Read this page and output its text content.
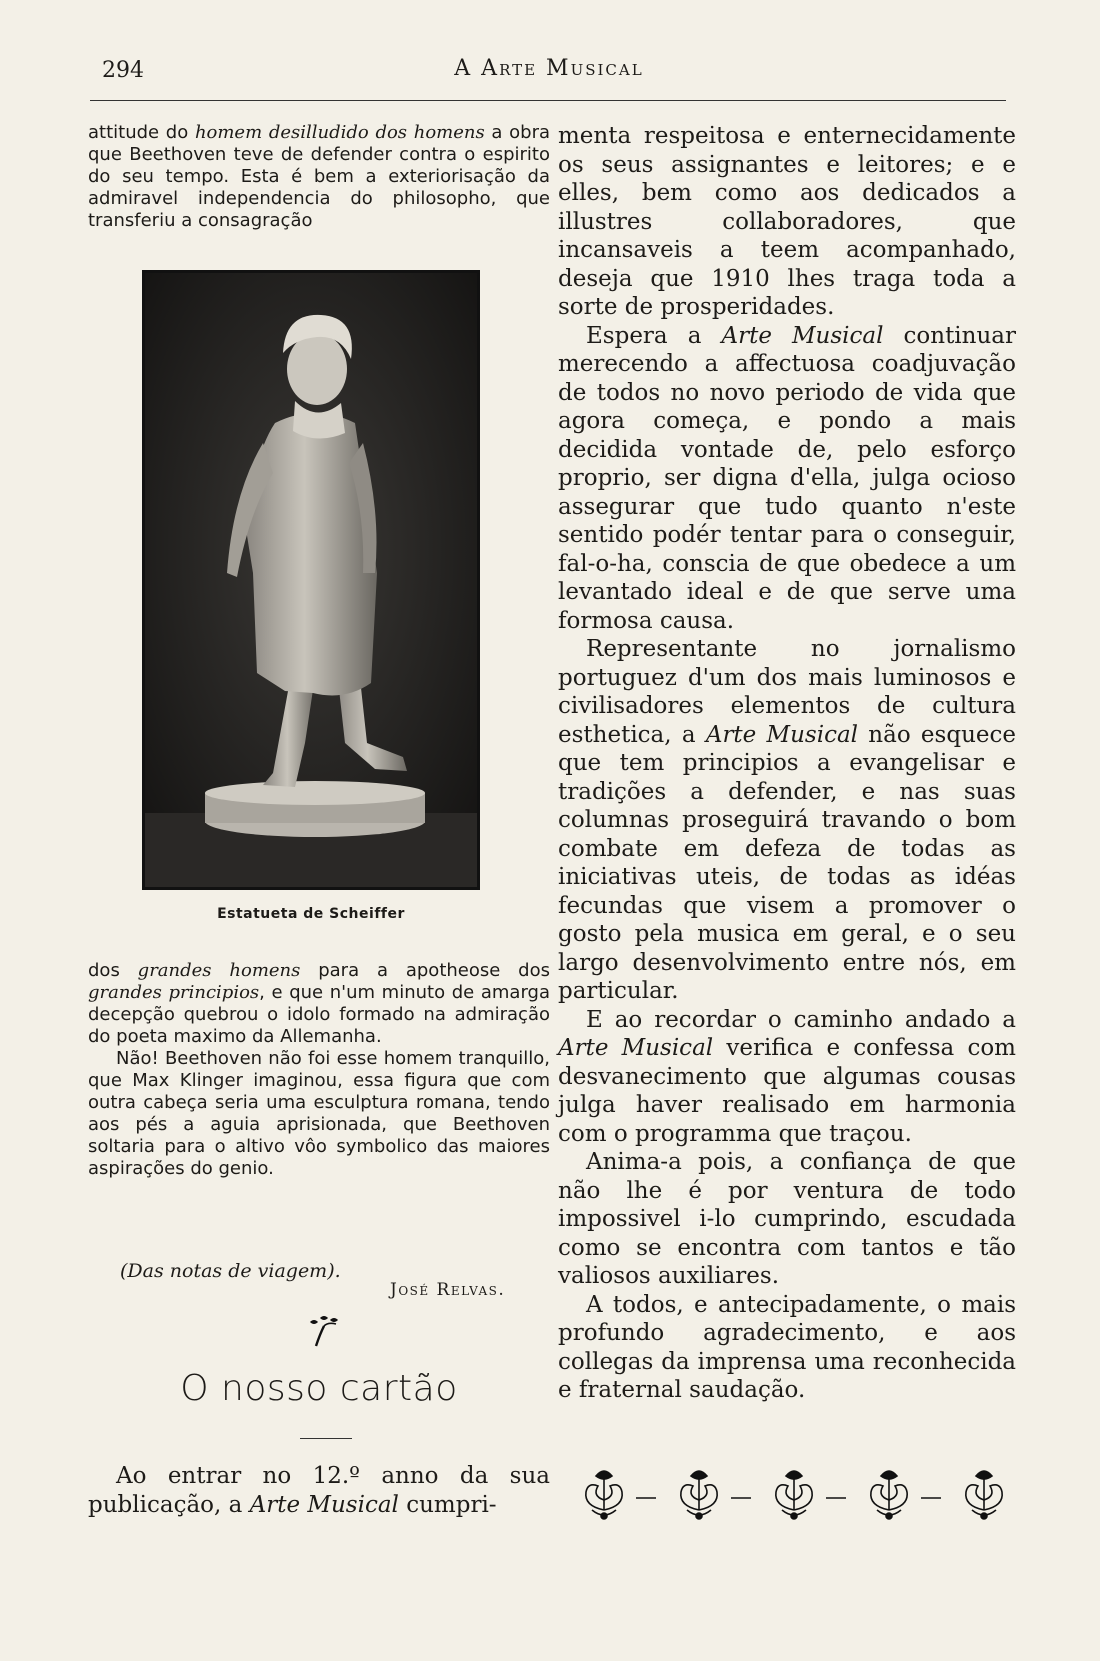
294	A Arte Musical

attitude do homem desilludido dos homens a obra que Beethoven teve de defender contra o espirito do seu tempo. Esta é bem a exteriorisação da admiravel independencia do philosopho, que transferiu a consagração

Estatueta de Scheiffer

dos grandes homens para a apotheose dos grandes principios, e que n'um minuto de amarga decepção quebrou o idolo formado na admiração do poeta maximo da Allemanha.

Não! Beethoven não foi esse homem tranquillo, que Max Klinger imaginou, essa figura que com outra cabeça seria uma esculptura romana, tendo aos pés a aguia aprisionada, que Beethoven soltaria para o altivo vôo symbolico das maiores aspirações do genio.

(Das notas de viagem).
José Relvas.
O nosso cartão

Ao entrar no 12.º anno da sua publicação, a Arte Musical cumpri-

menta respeitosa e enternecidamente os seus assignantes e leitores; e e elles, bem como aos dedicados a illustres collaboradores, que incansaveis a teem acompanhado, deseja que 1910 lhes traga toda a sorte de prosperidades.

Espera a Arte Musical continuar merecendo a affectuosa coadjuvação de todos no novo periodo de vida que agora começa, e pondo a mais decidida vontade de, pelo esforço proprio, ser digna d'ella, julga ocioso assegurar que tudo quanto n'este sentido podér tentar para o conseguir, fal-o-ha, conscia de que obedece a um levantado ideal e de que serve uma formosa causa.

Representante no jornalismo portuguez d'um dos mais luminosos e civilisadores elementos de cultura esthetica, a Arte Musical não esquece que tem principios a evangelisar e tradições a defender, e nas suas columnas proseguirá travando o bom combate em defeza de todas as iniciativas uteis, de todas as idéas fecundas que visem a promover o gosto pela musica em geral, e o seu largo desenvolvimento entre nós, em particular.

E ao recordar o caminho andado a Arte Musical verifica e confessa com desvanecimento que algumas cousas julga haver realisado em harmonia com o programma que traçou.

Anima-a pois, a confiança de que não lhe é por ventura de todo impossivel i-lo cumprindo, escudada como se encontra com tantos e tão valiosos auxiliares.

A todos, e antecipadamente, o mais profundo agradecimento, e aos collegas da imprensa uma reconhecida e fraternal saudação.
